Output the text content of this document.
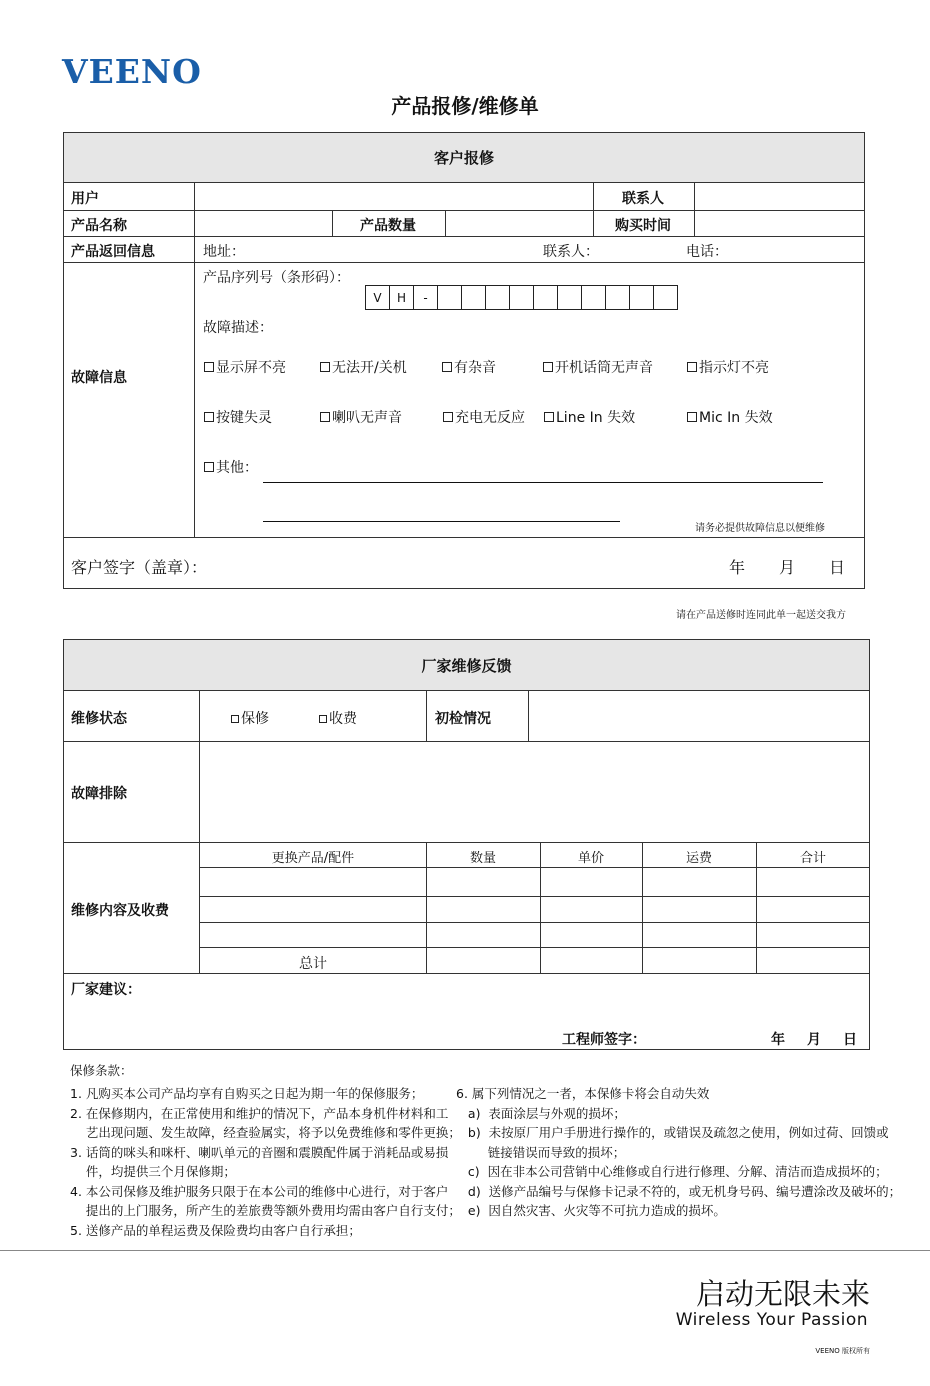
VEENO
产品报修/维修单
客户报修
用户	联系人
产品名称	产品数量	购买时间
产品返回信息	地址：	联系人：	电话：
故障信息
产品序列号（条形码）：
V	H	-
故障描述：
显示屏不亮	无法开/关机	有杂音	开机话筒无声音	指示灯不亮
按键失灵	喇叭无声音	充电无反应	Line In 失效	Mic In 失效
其他：
请务必提供故障信息以便维修
客户签字（盖章）：	年 月 日
请在产品送修时连同此单一起送交我方
厂家维修反馈
维修状态	保修	收费	初检情况
故障排除
维修内容及收费
更换产品/配件	数量	单价	运费	合计
总计
厂家建议：
工程师签字：	年 月 日
保修条款：
1. 凡购买本公司产品均享有自购买之日起为期一年的保修服务；
2. 在保修期内，在正常使用和维护的情况下，产品本身机件材料和工
艺出现问题、发生故障，经查验属实，将予以免费维修和零件更换；
3. 话筒的咪头和咪杆、喇叭单元的音圈和震膜配件属于消耗品或易损
件，均提供三个月保修期；
4. 本公司保修及维护服务只限于在本公司的维修中心进行，对于客户
提出的上门服务，所产生的差旅费等额外费用均需由客户自行支付；
5. 送修产品的单程运费及保险费均由客户自行承担；
6. 属下列情况之一者，本保修卡将会自动失效
a)  表面涂层与外观的损坏；
b)  未按原厂用户手册进行操作的，或错误及疏忽之使用，例如过荷、回馈或
链接错误而导致的损坏；
c)  因在非本公司营销中心维修或自行进行修理、分解、清洁而造成损坏的；
d)  送修产品编号与保修卡记录不符的，或无机身号码、编号遭涂改及破坏的；
e)  因自然灾害、火灾等不可抗力造成的损坏。
启动无限未来
Wireless Your Passion
VEENO 版权所有
